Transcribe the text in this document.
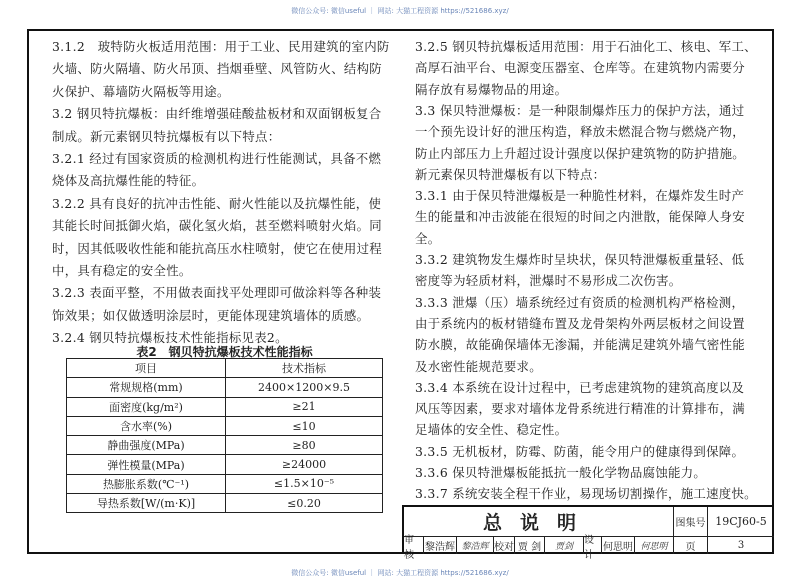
微信公众号: 微信useful ｜ 网站: 大猫工程资源 https://521686.xyz/
3.1.2　玻特防火板适用范围：用于工业、民用建筑的室内防
火墙、防火隔墙、防火吊顶、挡烟垂壁、风管防火、结构防
火保护、幕墙防火隔板等用途。
3.2 钢贝特抗爆板：由纤维增强硅酸盐板材和双面钢板复合
制成。新元素钢贝特抗爆板有以下特点：
3.2.1 经过有国家资质的检测机构进行性能测试，具备不燃
烧体及高抗爆性能的特征。
3.2.2 具有良好的抗冲击性能、耐火性能以及抗爆性能，使
其能长时间抵御火焰，碳化氢火焰，甚至燃料喷射火焰。同
时，因其低吸收性能和能抗高压水柱喷射，使它在使用过程
中，具有稳定的安全性。
3.2.3 表面平整，不用做表面找平处理即可做涂料等各种装
饰效果；如仅做透明涂层时，更能体现建筑墙体的质感。
3.2.4 钢贝特抗爆板技术性能指标见表2。
表2　钢贝特抗爆板技术性能指标
项目	技术指标
常规规格(mm)	2400×1200×9.5
面密度(kg/m²)	≥21
含水率(%)	≤10
静曲强度(MPa)	≥80
弹性模量(MPa)	≥24000
热膨胀系数(℃⁻¹)	≤1.5×10⁻⁵
导热系数[W/(m·K)]	≤0.20
3.2.5 钢贝特抗爆板适用范围：用于石油化工、核电、军工、
高厚石油平台、电源变压器室、仓库等。在建筑物内需要分
隔存放有易爆物品的用途。
3.3 保贝特泄爆板：是一种限制爆炸压力的保护方法，通过
一个预先设计好的泄压构造，释放未燃混合物与燃烧产物，
防止内部压力上升超过设计强度以保护建筑物的防护措施。
新元素保贝特泄爆板有以下特点：
3.3.1 由于保贝特泄爆板是一种脆性材料，在爆炸发生时产
生的能量和冲击波能在很短的时间之内泄散，能保障人身安
全。
3.3.2 建筑物发生爆炸时呈块状，保贝特泄爆板重量轻、低
密度等为轻质材料，泄爆时不易形成二次伤害。
3.3.3 泄爆（压）墙系统经过有资质的检测机构严格检测，
由于系统内的板材错缝布置及龙骨架构外两层板材之间设置
防水膜，故能确保墙体无渗漏，并能满足建筑外墙气密性能
及水密性能规范要求。
3.3.4 本系统在设计过程中，已考虑建筑物的建筑高度以及
风压等因素，要求对墙体龙骨系统进行精准的计算排布，满
足墙体的安全性、稳定性。
3.3.5 无机板材，防霉、防菌，能令用户的健康得到保障。
3.3.6 保贝特泄爆板能抵抗一般化学物品腐蚀能力。
3.3.7 系统安装全程干作业，易现场切割操作，施工速度快。
总说明	图集号 19CJ60-5
审核
黎浩辉 黎浩辉 校对 贾 剑	贾剑
设计
何思明 何思明	页	3
微信公众号: 微信useful ｜ 网站: 大猫工程资源 https://521686.xyz/
